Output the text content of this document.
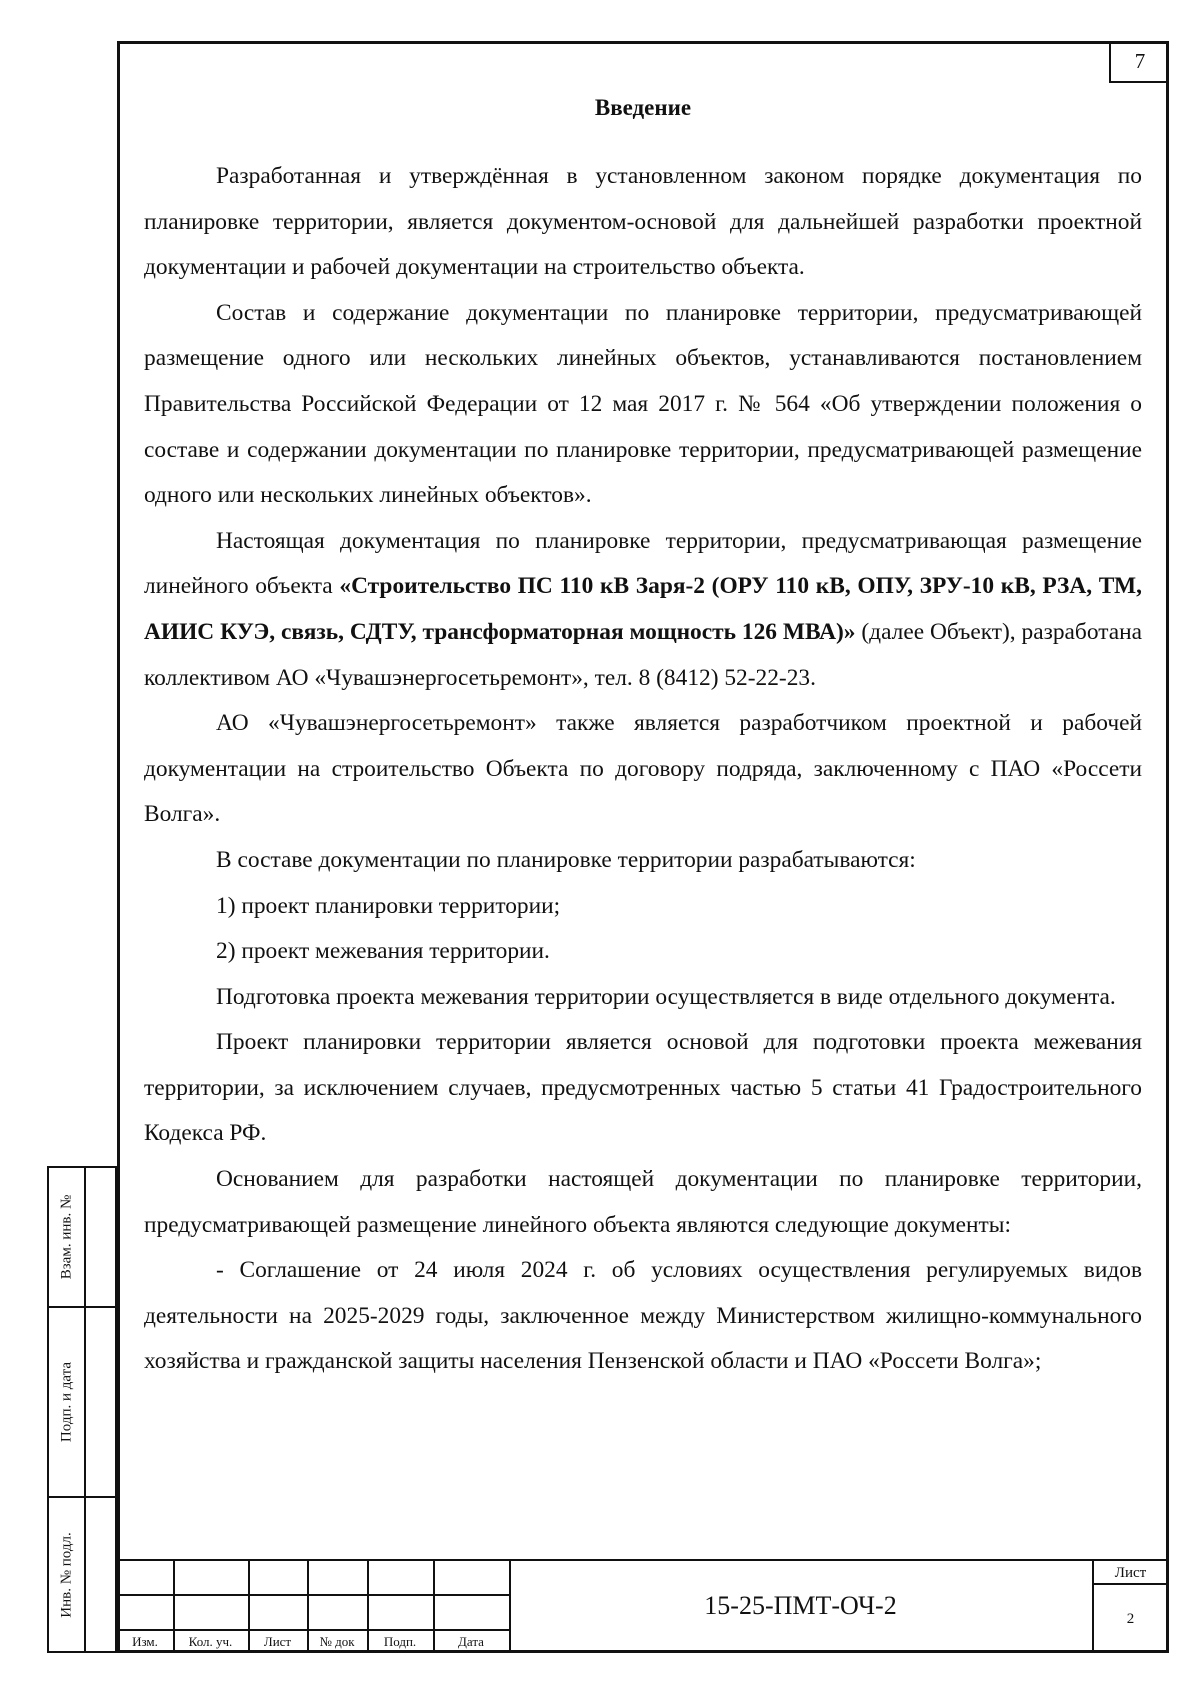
7
Введение

Разработанная и утверждённая в установленном законом порядке документация по планировке территории, является документом-основой для дальнейшей разработки проектной документации и рабочей документации на строительство объекта.

Состав и содержание документации по планировке территории, предусматривающей размещение одного или нескольких линейных объектов, устанавливаются постановлением Правительства Российской Федерации от 12 мая 2017 г. № 564 «Об утверждении положения о составе и содержании документации по планировке территории, предусматривающей размещение одного или нескольких линейных объектов».

Настоящая документация по планировке территории, предусматривающая размещение линейного объекта «Строительство ПС 110 кВ Заря-2 (ОРУ 110 кВ, ОПУ, ЗРУ-10 кВ, РЗА, ТМ, АИИС КУЭ, связь, СДТУ, трансформаторная мощность 126 МВА)» (далее Объект), разработана коллективом АО «Чувашэнергосетьремонт», тел. 8 (8412) 52-22-23.

АО «Чувашэнергосетьремонт» также является разработчиком проектной и рабочей документации на строительство Объекта по договору подряда, заключенному с ПАО «Россети Волга».

В составе документации по планировке территории разрабатываются:

1) проект планировки территории;

2) проект межевания территории.

Подготовка проекта межевания территории осуществляется в виде отдельного документа.

Проект планировки территории является основой для подготовки проекта межевания территории, за исключением случаев, предусмотренных частью 5 статьи 41 Градостроительного Кодекса РФ.

Основанием для разработки настоящей документации по планировке территории, предусматривающей размещение линейного объекта являются следующие документы:

- Соглашение от 24 июля 2024 г. об условиях осуществления регулируемых видов деятельности на 2025-2029 годы, заключенное между Министерством жилищно-коммунального хозяйства и гражданской защиты населения Пензенской области и ПАО «Россети Волга»;

Взам. инв. №
Подп. и дата
Инв. № подл.
Изм.	Кол. уч.	Лист	№ док	Подп.	Дата
15-25-ПМТ-ОЧ-2
Лист
2
